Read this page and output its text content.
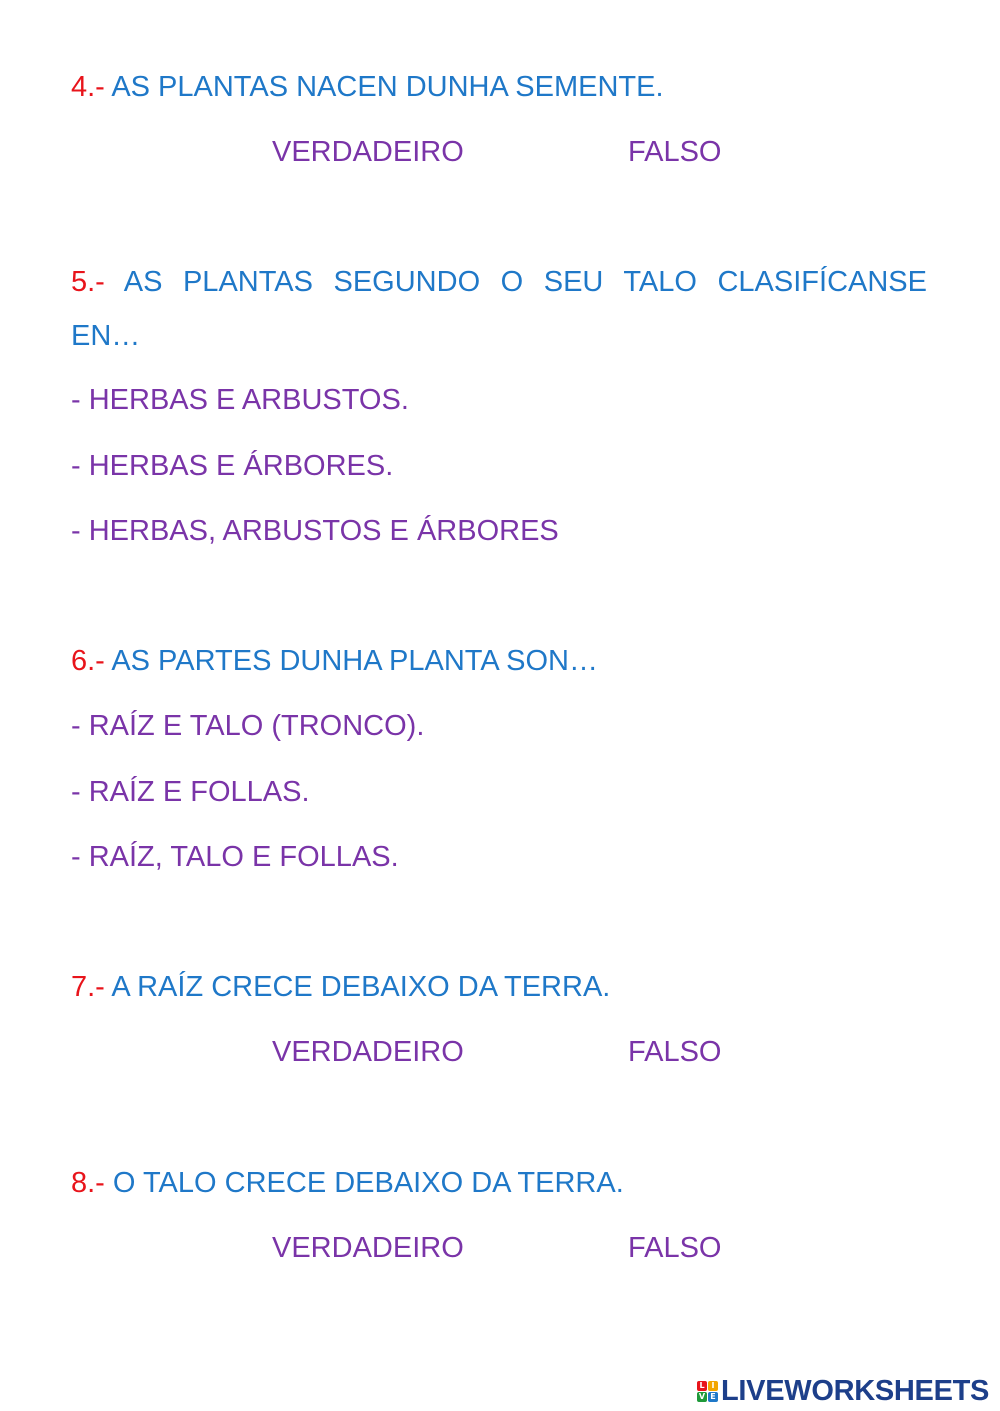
4.- AS PLANTAS NACEN DUNHA SEMENTE.
VERDADEIRO	FALSO
5.- AS PLANTAS SEGUNDO O SEU TALO CLASIFÍCANSE
EN…
- HERBAS E ARBUSTOS.
- HERBAS E ÁRBORES.
- HERBAS, ARBUSTOS E ÁRBORES
6.- AS PARTES DUNHA PLANTA SON…
- RAÍZ E TALO (TRONCO).
- RAÍZ E FOLLAS.
- RAÍZ, TALO E FOLLAS.
7.- A RAÍZ CRECE DEBAIXO DA TERRA.
VERDADEIRO	FALSO
8.- O TALO CRECE DEBAIXO DA TERRA.
VERDADEIRO	FALSO
L I
V E LIVEWORKSHEETS
